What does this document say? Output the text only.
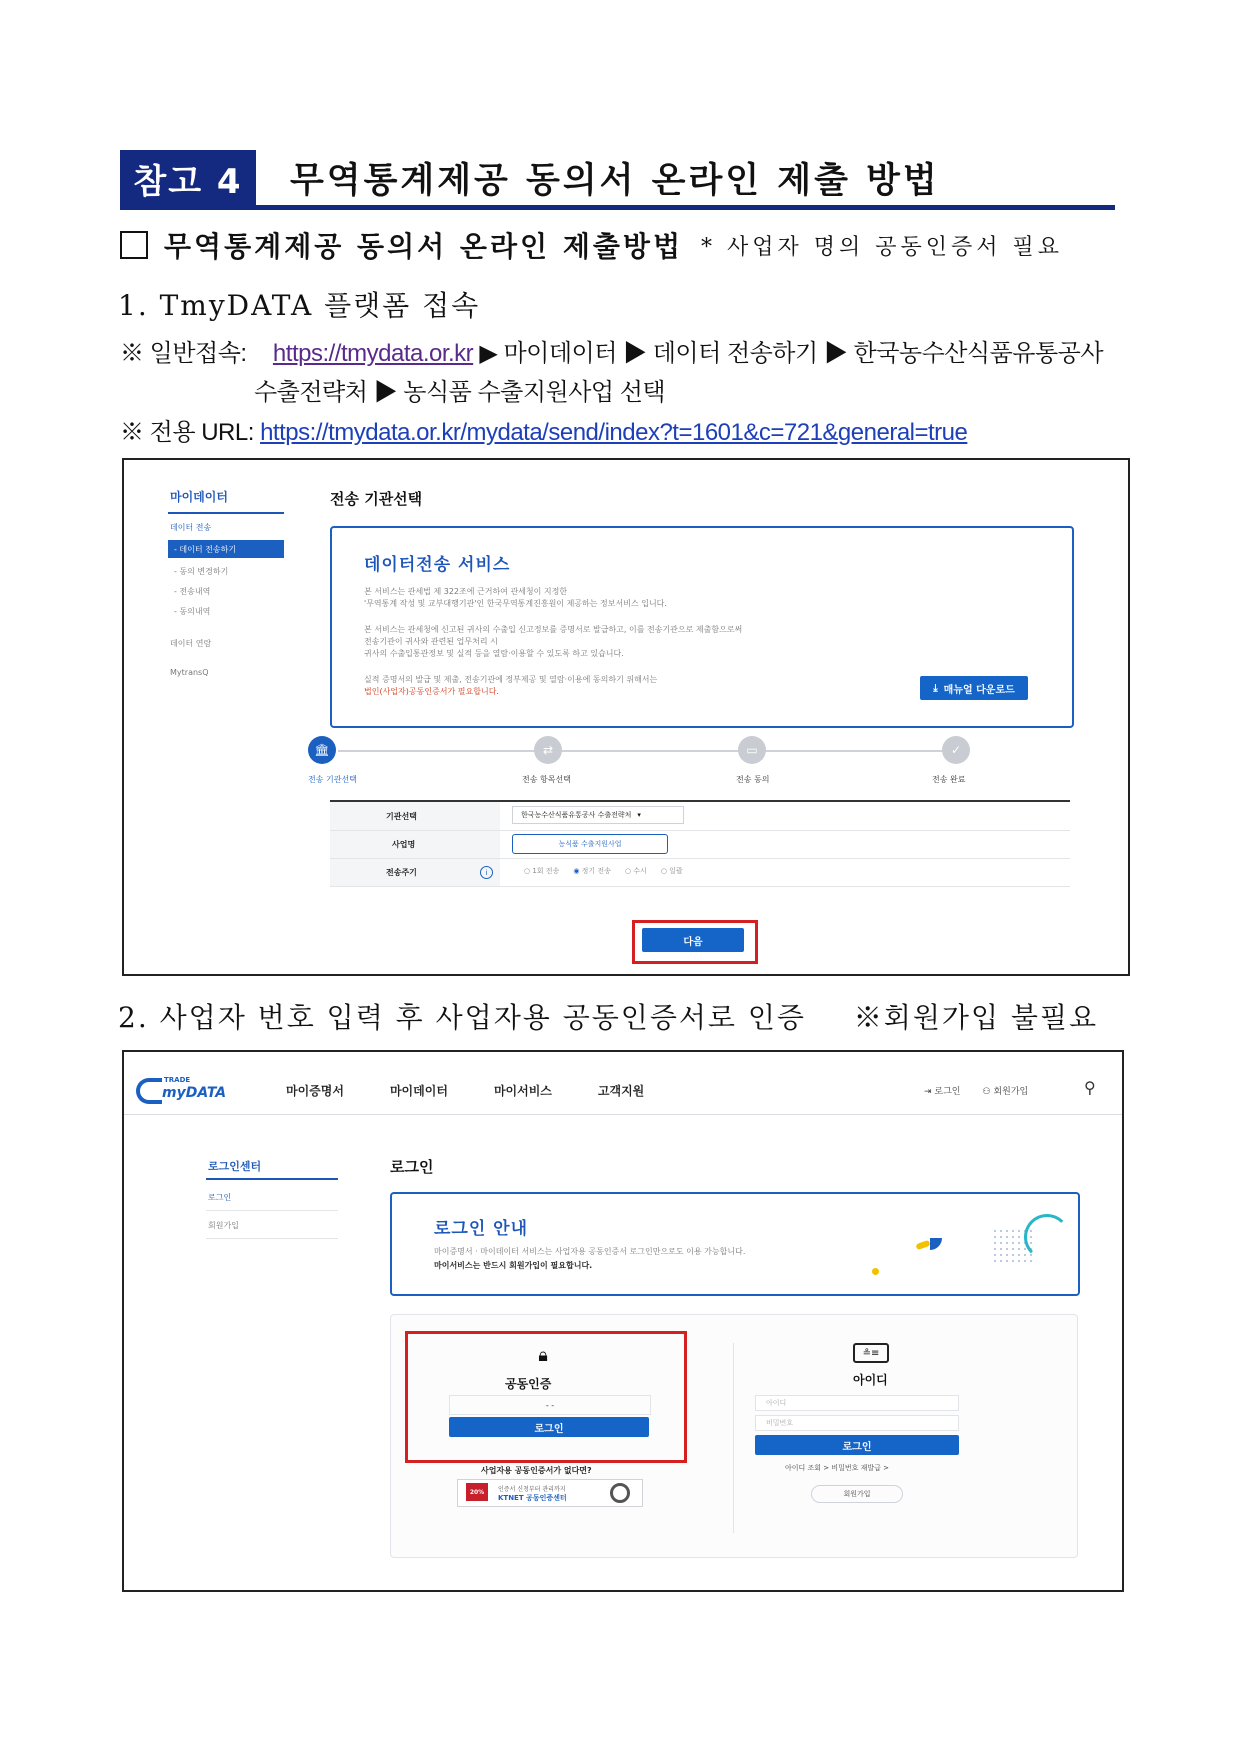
참고 4	무역통계제공 동의서 온라인 제출 방법
무역통계제공 동의서 온라인 제출방법 * 사업자 명의 공동인증서 필요
1. TmyDATA 플랫폼 접속
※ 일반접속: https://tmydata.or.kr ▶ 마이데이터 ▶ 데이터 전송하기 ▶ 한국농수산식품유통공사
수출전략처 ▶ 농식품 수출지원사업 선택
※ 전용 URL: https://tmydata.or.kr/mydata/send/index?t=1601&c=721&general=true
마이데이터
데이터 전송
- 데이터 전송하기
- 동의 변경하기
- 전송내역
- 동의내역
데이터 연람
MytransQ
전송 기관선택
데이터전송 서비스
본 서비스는 관세법 제 322조에 근거하여 관세청이 지정한
'무역통계 작성 및 교부대행기관'인 한국무역통계진흥원이 제공하는 정보서비스 입니다.
본 서비스는 관세청에 신고된 귀사의 수출입 신고정보를 증명서로 발급하고, 이를 전송기관으로 제출함으로써
전송기관이 귀사와 관련된 업무처리 시
귀사의 수출입통관정보 및 실적 등을 열람·이용할 수 있도록 하고 있습니다.
실적 증명서의 발급 및 제출, 전송기관에 정부제공 및 열람·이용에 동의하기 위해서는
법인(사업자)공동인증서가 필요합니다.	⤓ 매뉴얼 다운로드
🏛	⇄	▭	✓
전송 기관선택	전송 항목선택	전송 동의	전송 완료
기관선택	한국농수산식품유통공사 수출전략처 ▾
사업명	농식품 수출지원사업
전송주기	i	○ 1회 전송 ◉ 정기 전송 ○ 수시 ○ 일괄
다음
2. 사업자 번호 입력 후 사업자용 공동인증서로 인증 ※회원가입 불필요
TRADE
myDATA	마이증명서	마이데이터	마이서비스	고객지원	⇥ 로그인 ⚇ 회원가입	⚲
로그인센터
로그인
회원가입
로그인
로그인 안내
마이증명서 · 마이데이터 서비스는 사업자용 공동인증서 로그인만으로도 이용 가능합니다.
마이서비스는 반드시 회원가입이 필요합니다.
🔒︎
공동인증
- -
로그인
사업자용 공동인증서가 없다면?
20%	인증서 신청부터 관리까지
KTNET 공동인증센터
≗≡
아이디
아이디
비밀번호
로그인
아이디 조회 > 비밀번호 재발급 >
회원가입
